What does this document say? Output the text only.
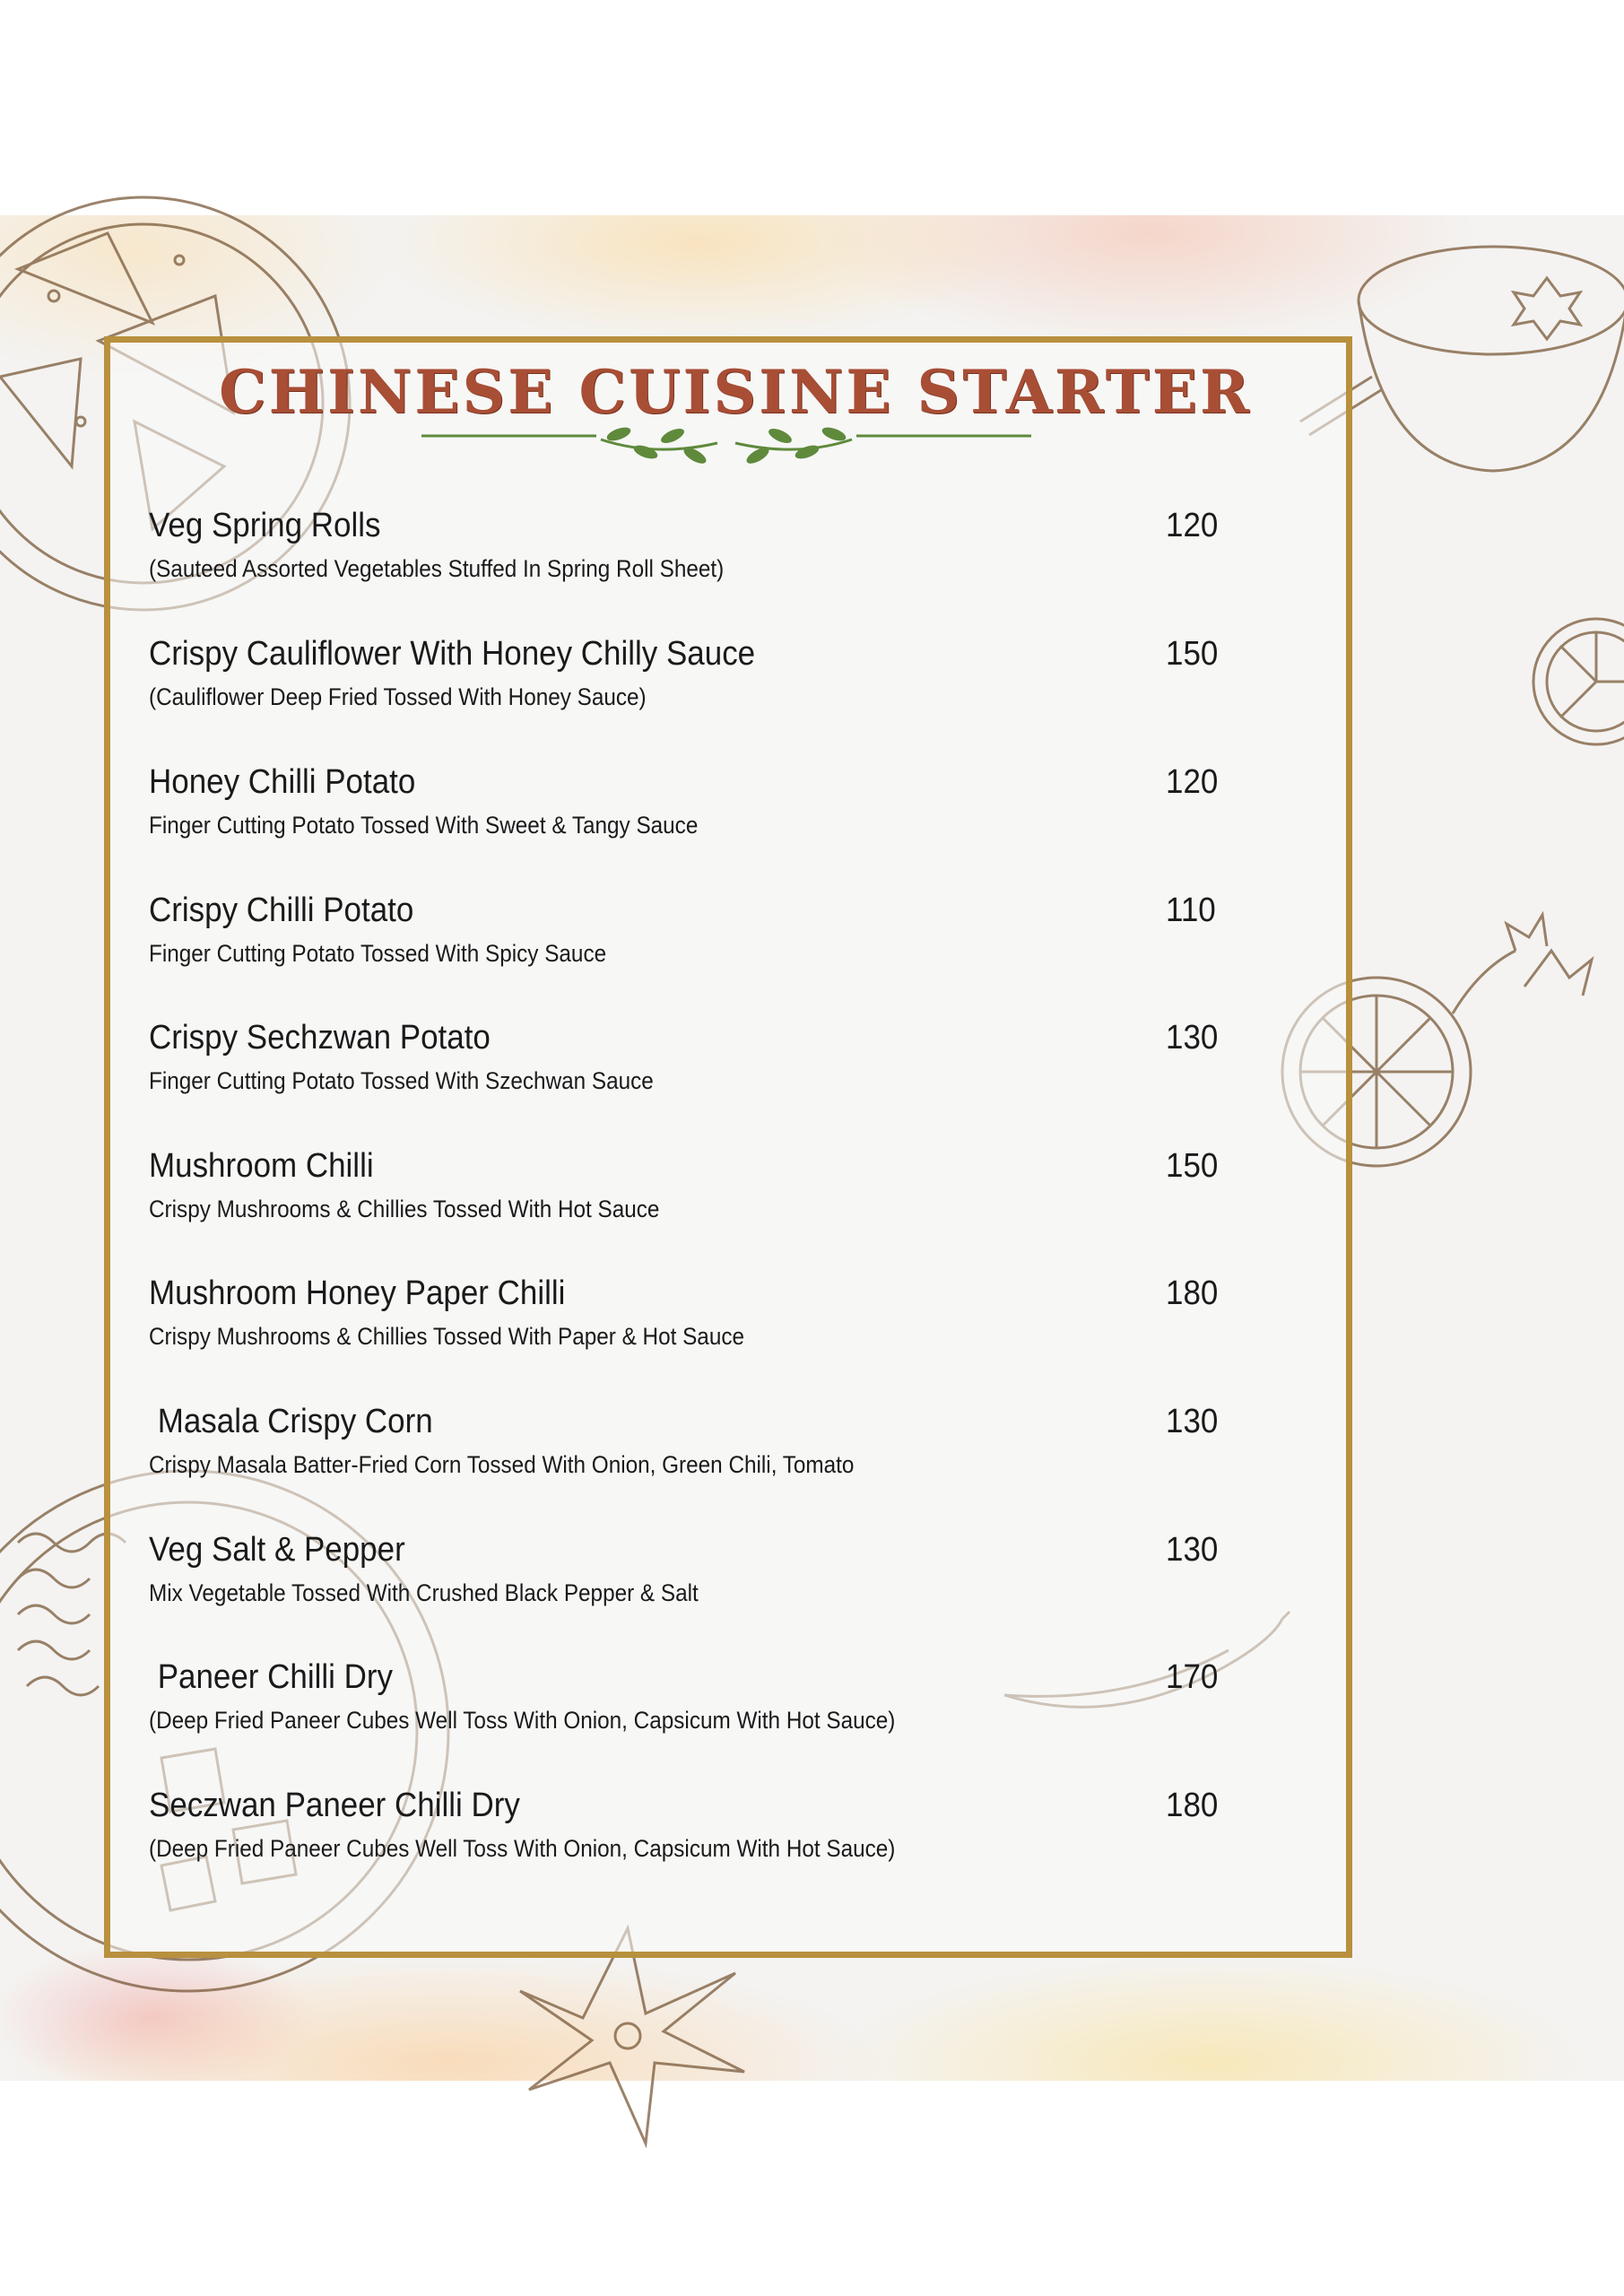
CHINESE CUISINE STARTER
Veg Spring Rolls
(Sauteed Assorted Vegetables Stuffed In Spring Roll Sheet)
120
Crispy Cauliflower With Honey Chilly Sauce
(Cauliflower Deep Fried Tossed With Honey Sauce)
150
Honey Chilli Potato
Finger Cutting Potato Tossed With Sweet & Tangy Sauce
120
Crispy Chilli Potato
Finger Cutting Potato Tossed With Spicy Sauce
110
Crispy Sechzwan Potato
Finger Cutting Potato Tossed With Szechwan Sauce
130
Mushroom Chilli
Crispy Mushrooms & Chillies Tossed With Hot Sauce
150
Mushroom Honey Paper Chilli
Crispy Mushrooms & Chillies Tossed With Paper & Hot Sauce
180
Masala Crispy Corn
Crispy Masala Batter-Fried Corn Tossed With Onion, Green Chili, Tomato
130
Veg Salt & Pepper
Mix Vegetable Tossed With Crushed Black Pepper & Salt
130
Paneer Chilli Dry
(Deep Fried Paneer Cubes Well Toss With Onion, Capsicum With Hot Sauce)
170
Seczwan Paneer Chilli Dry
(Deep Fried Paneer Cubes Well Toss With Onion, Capsicum With Hot Sauce)
180
